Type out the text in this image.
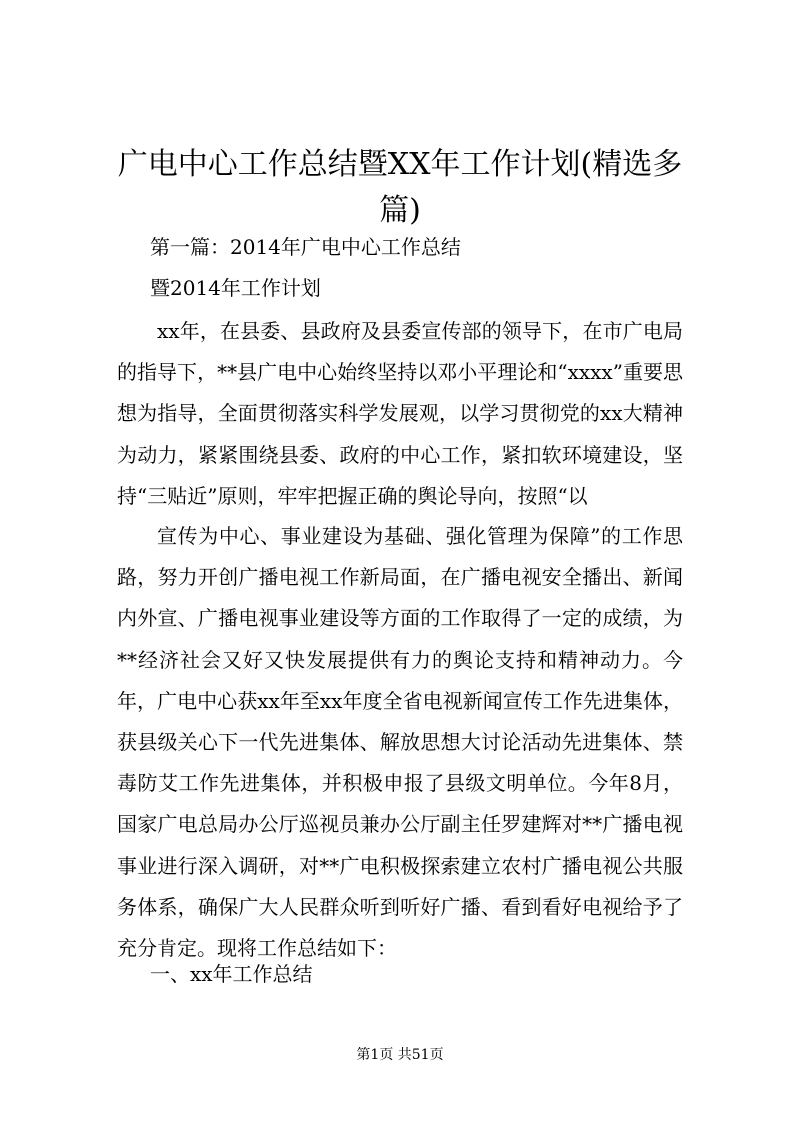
广电中心工作总结暨XX年工作计划(精选多篇)

第一篇：2014年广电中心工作总结

暨2014年工作计划

xx年，在县委、县政府及县委宣传部的领导下，在市广电局的指导下，**县广电中心始终坚持以邓小平理论和“xxxx”重要思想为指导，全面贯彻落实科学发展观，以学习贯彻党的xx大精神为动力，紧紧围绕县委、政府的中心工作，紧扣软环境建设，坚持“三贴近”原则，牢牢把握正确的舆论导向，按照“以

宣传为中心、事业建设为基础、强化管理为保障”的工作思路，努力开创广播电视工作新局面，在广播电视安全播出、新闻内外宣、广播电视事业建设等方面的工作取得了一定的成绩，为**经济社会又好又快发展提供有力的舆论支持和精神动力。今年，广电中心获xx年至xx年度全省电视新闻宣传工作先进集体，获县级关心下一代先进集体、解放思想大讨论活动先进集体、禁毒防艾工作先进集体，并积极申报了县级文明单位。今年8月，国家广电总局办公厅巡视员兼办公厅副主任罗建辉对**广播电视事业进行深入调研，对**广电积极探索建立农村广播电视公共服务体系，确保广大人民群众听到听好广播、看到看好电视给予了充分肯定。现将工作总结如下：

一、xx年工作总结

第1页 共51页
